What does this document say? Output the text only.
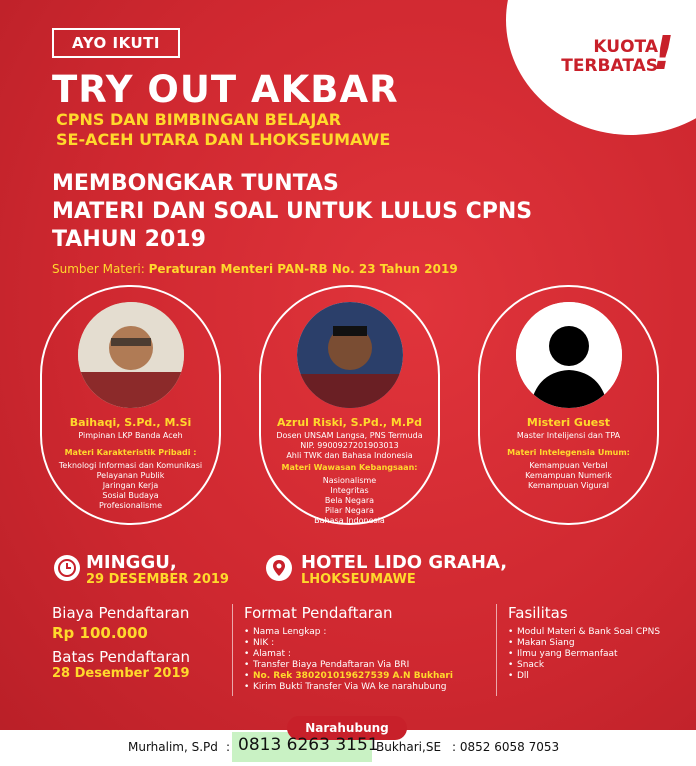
KUOTA
TERBATAS
!
AYO IKUTI
TRY OUT AKBAR
CPNS DAN BIMBINGAN BELAJAR
SE-ACEH UTARA DAN LHOKSEUMAWE
MEMBONGKAR TUNTAS
MATERI DAN SOAL UNTUK LULUS CPNS
TAHUN 2019
Sumber Materi: Peraturan Menteri PAN-RB No. 23 Tahun 2019
Baihaqi, S.Pd., M.Si
Pimpinan LKP Banda Aceh
Materi Karakteristik Pribadi :
Teknologi Informasi dan Komunikasi
Pelayanan Publik
Jaringan Kerja
Sosial Budaya
Profesionalisme
Azrul Riski, S.Pd., M.Pd
Dosen UNSAM Langsa, PNS Termuda
NIP. 9900927201903013
Ahli TWK dan Bahasa Indonesia
Materi Wawasan Kebangsaan:
Nasionalisme
Integritas
Bela Negara
Pilar Negara
Bahasa Indonesia
Misteri Guest
Master Intelijensi dan TPA
Materi Intelegensia Umum:
Kemampuan Verbal
Kemampuan Numerik
Kemampuan Vigural
MINGGU,
29 DESEMBER 2019
HOTEL LIDO GRAHA,
LHOKSEUMAWE
Biaya Pendaftaran
Rp 100.000
Batas Pendaftaran
28 Desember 2019
Format Pendaftaran
• Nama Lengkap :
• NIK :
• Alamat :
• Transfer Biaya Pendaftaran Via BRI
• No. Rek 380201019627539 A.N Bukhari
• Kirim Bukti Transfer Via WA ke narahubung
Fasilitas
• Modul Materi & Bank Soal CPNS
• Makan Siang
• Ilmu yang Bermanfaat
• Snack
• Dll
Narahubung
Murhalim, S.Pd : 0813 6263 3151
Bukhari,SE : 0852 6058 7053
